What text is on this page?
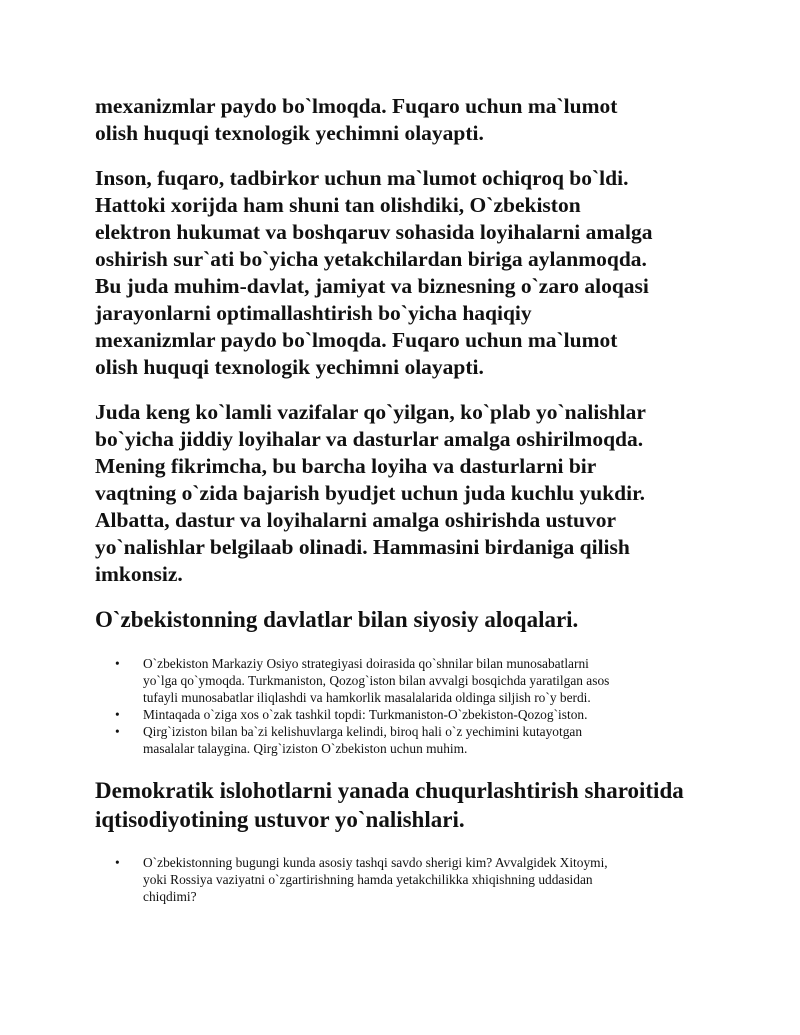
mexanizmlar paydo bo`lmoqda. Fuqaro uchun ma`lumot
olish huquqi texnologik yechimni olayapti.

Inson, fuqaro, tadbirkor uchun ma`lumot ochiqroq bo`ldi.
Hattoki xorijda ham shuni tan olishdiki, O`zbekiston
elektron hukumat va boshqaruv sohasida loyihalarni amalga
oshirish sur`ati bo`yicha yetakchilardan biriga aylanmoqda.
Bu juda muhim-davlat, jamiyat va biznesning o`zaro aloqasi
jarayonlarni optimallashtirish bo`yicha haqiqiy
mexanizmlar paydo bo`lmoqda. Fuqaro uchun ma`lumot
olish huquqi texnologik yechimni olayapti.

Juda keng ko`lamli vazifalar qo`yilgan, ko`plab yo`nalishlar
bo`yicha jiddiy loyihalar va dasturlar amalga oshirilmoqda.
Mening fikrimcha, bu barcha loyiha va dasturlarni bir
vaqtning o`zida bajarish byudjet uchun juda kuchlu yukdir.
Albatta, dastur va loyihalarni amalga oshirishda ustuvor
yo`nalishlar belgilaab olinadi. Hammasini birdaniga qilish
imkonsiz.

O`zbekistonning davlatlar bilan siyosiy aloqalari.
• O`zbekiston Markaziy Osiyo strategiyasi doirasida qo`shnilar bilan munosabatlarni
yo`lga qo`ymoqda. Turkmaniston, Qozog`iston bilan avvalgi bosqichda yaratilgan asos
tufayli munosabatlar iliqlashdi va hamkorlik masalalarida oldinga siljish ro`y berdi.
• Mintaqada o`ziga xos o`zak tashkil topdi: Turkmaniston-O`zbekiston-Qozog`iston.
• Qirg`iziston bilan ba`zi kelishuvlarga kelindi, biroq hali o`z yechimini kutayotgan
masalalar talaygina. Qirg`iziston O`zbekiston uchun muhim.
Demokratik islohotlarni yanada chuqurlashtirish sharoitida
iqtisodiyotining ustuvor yo`nalishlari.
• O`zbekistonning bugungi kunda asosiy tashqi savdo sherigi kim? Avvalgidek Xitoymi,
yoki Rossiya vaziyatni o`zgartirishning hamda yetakchilikka xhiqishning uddasidan
chiqdimi?
